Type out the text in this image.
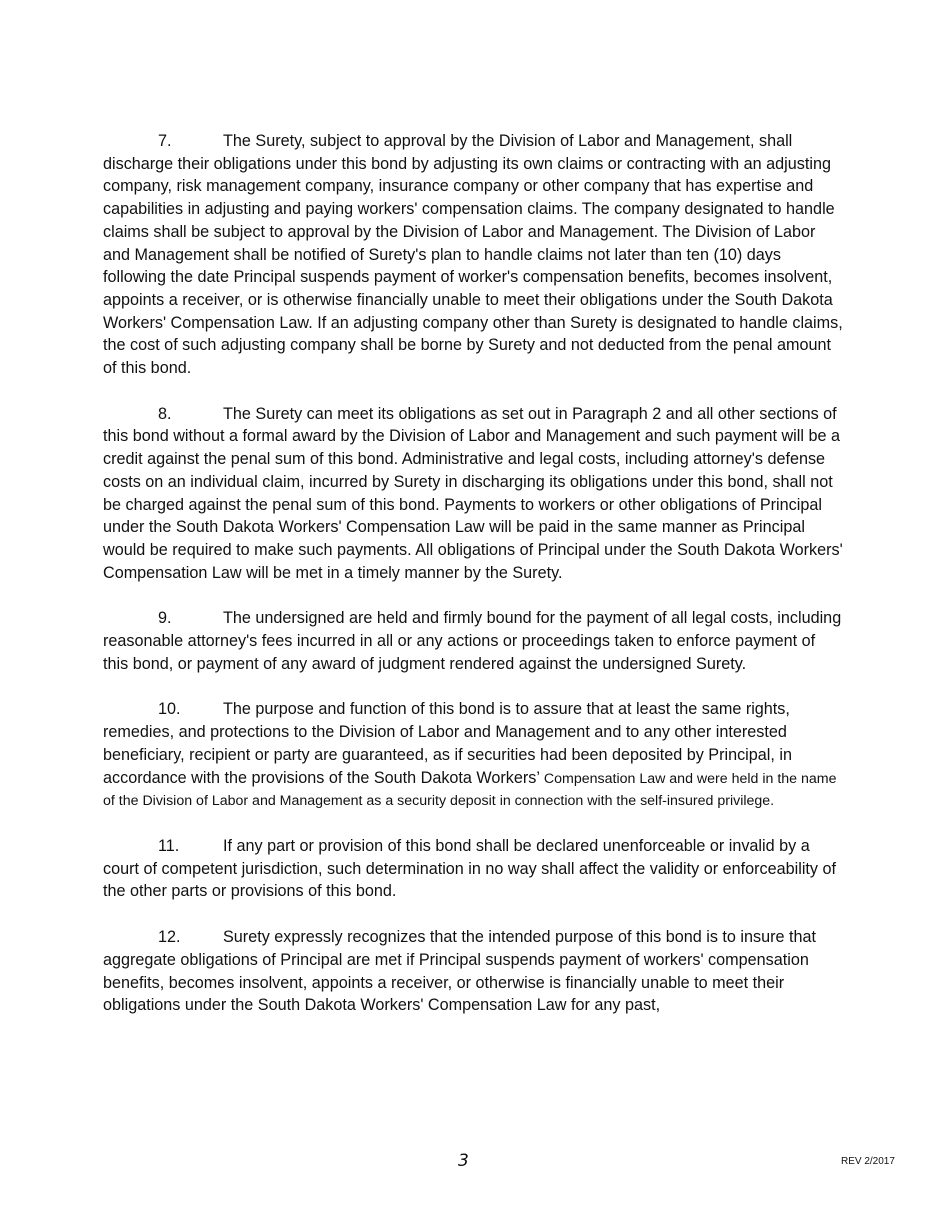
7.	The Surety, subject to approval by the Division of Labor and Management, shall discharge their obligations under this bond by adjusting its own claims or contracting with an adjusting company, risk management company, insurance company or other company that has expertise and capabilities in adjusting and paying workers' compensation claims. The company designated to handle claims shall be subject to approval by the Division of Labor and Management. The Division of Labor and Management shall be notified of Surety's plan to handle claims not later than ten (10) days following the date Principal suspends payment of worker's compensation benefits, becomes insolvent, appoints a receiver, or is otherwise financially unable to meet their obligations under the South Dakota Workers' Compensation Law. If an adjusting company other than Surety is designated to handle claims, the cost of such adjusting company shall be borne by Surety and not deducted from the penal amount of this bond.

8.	The Surety can meet its obligations as set out in Paragraph 2 and all other sections of this bond without a formal award by the Division of Labor and Management and such payment will be a credit against the penal sum of this bond. Administrative and legal costs, including attorney's defense costs on an individual claim, incurred by Surety in discharging its obligations under this bond, shall not be charged against the penal sum of this bond. Payments to workers or other obligations of Principal under the South Dakota Workers' Compensation Law will be paid in the same manner as Principal would be required to make such payments. All obligations of Principal under the South Dakota Workers' Compensation Law will be met in a timely manner by the Surety.

9.	The undersigned are held and firmly bound for the payment of all legal costs, including reasonable attorney's fees incurred in all or any actions or proceedings taken to enforce payment of this bond, or payment of any award of judgment rendered against the undersigned Surety.

10.	The purpose and function of this bond is to assure that at least the same rights, remedies, and protections to the Division of Labor and Management and to any other interested beneficiary, recipient or party are guaranteed, as if securities had been deposited by Principal, in accordance with the provisions of the South Dakota Workers’ Compensation Law and were held in the name of the Division of Labor and Management as a security deposit in connection with the self-insured privilege.

11.	If any part or provision of this bond shall be declared unenforceable or invalid by a court of competent jurisdiction, such determination in no way shall affect the validity or enforceability of the other parts or provisions of this bond.

12.	Surety expressly recognizes that the intended purpose of this bond is to insure that aggregate obligations of Principal are met if Principal suspends payment of workers' compensation benefits, becomes insolvent, appoints a receiver, or otherwise is financially unable to meet their obligations under the South Dakota Workers' Compensation Law for any past,

3	REV 2/2017
